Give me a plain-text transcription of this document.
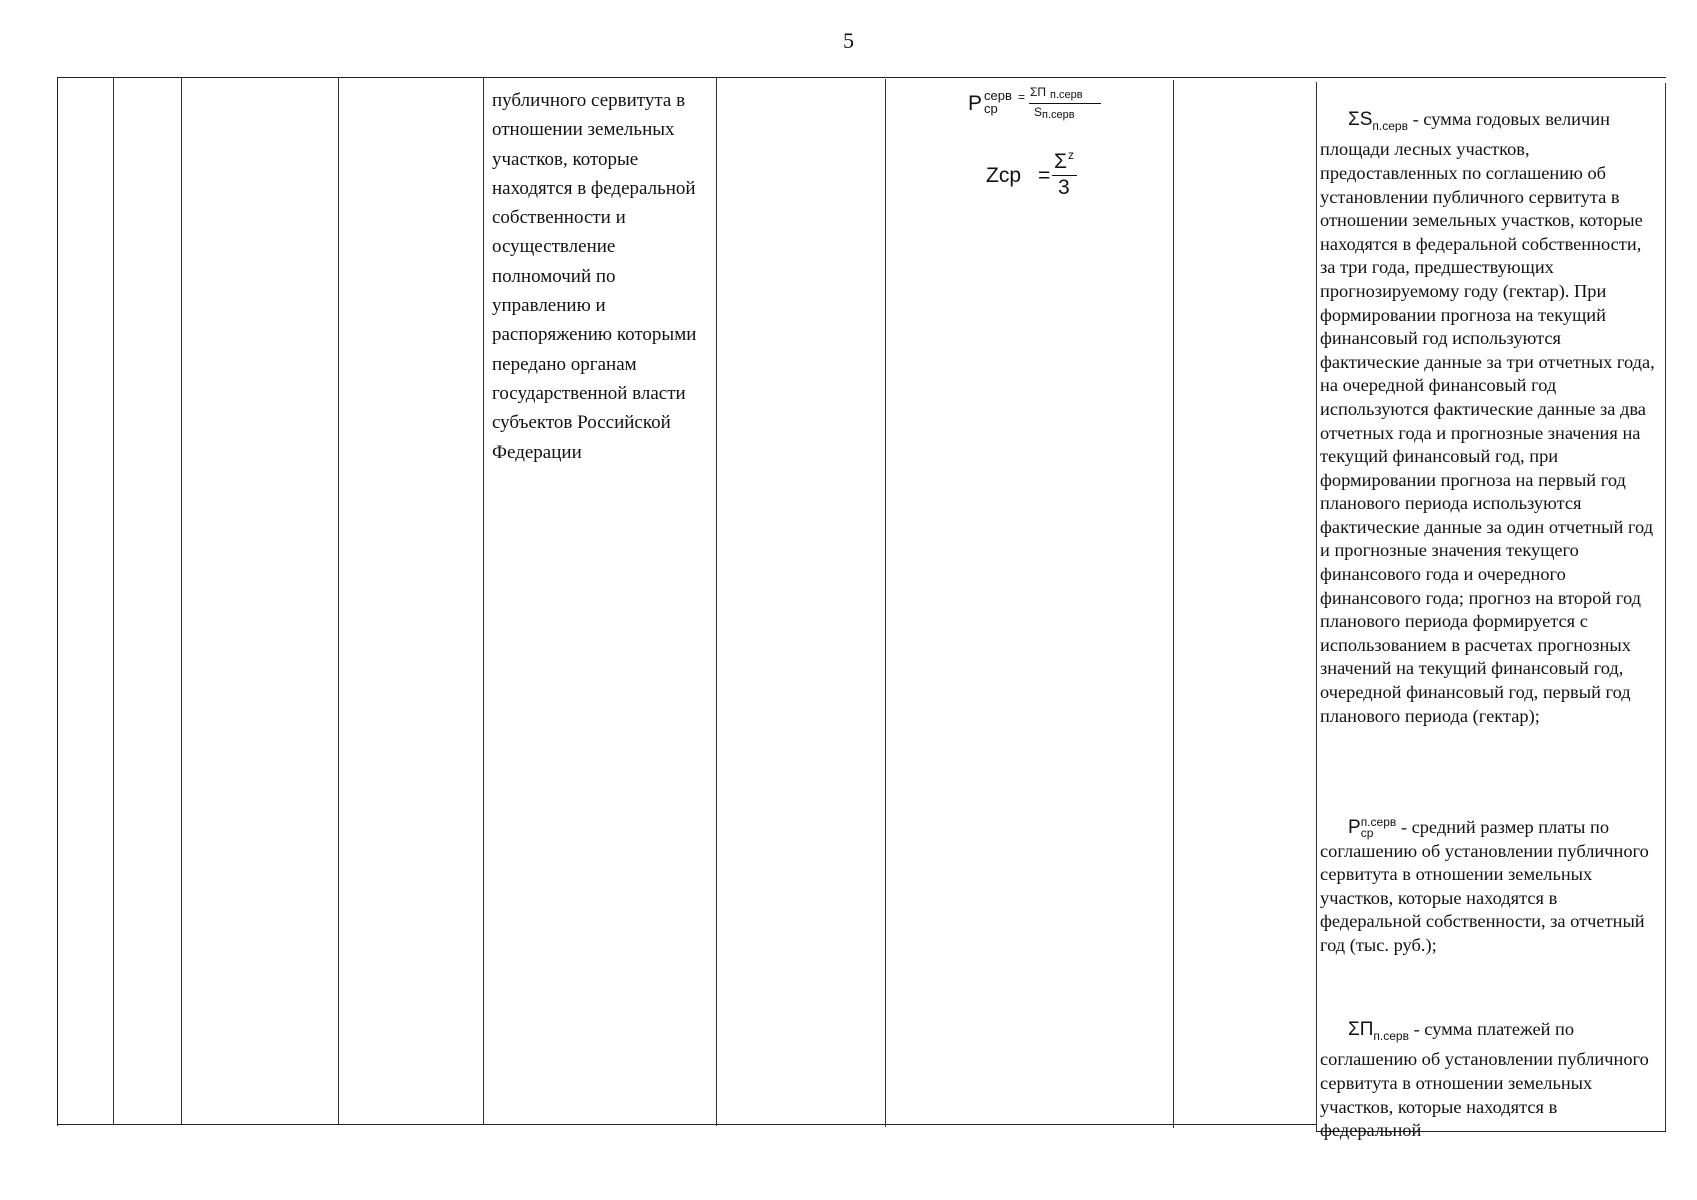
5
публичного сервитута в отношении земельных участков, которые находятся в федеральной собственности и осуществление полномочий по управлению и распоряжению которыми передано органам государственной власти субъектов Российской Федерации
P серв
ср
= ΣП п.серв
S п.серв
Zср =
Σ z
3

$\Sigma S_{п.серв}$ - сумма годовых величин площади лесных участков, предоставленных по соглашению об установлении публичного сервитута в отношении земельных участков, которые находятся в федеральной собственности, за три года, предшествующих прогнозируемому году (гектар). При формировании прогноза на текущий финансовый год используются фактические данные за три отчетных года, на очередной финансовый год используются фактические данные за два отчетных года и прогнозные значения на текущий финансовый год, при формировании прогноза на первый год планового периода используются фактические данные за один отчетный год и прогнозные значения текущего финансового года и очередного финансового года; прогноз на второй год планового периода формируется с использованием в расчетах прогнозных значений на текущий финансовый год, очередной финансовый год, первый год планового периода (гектар);

Pп.серв
ср - средний размер платы по соглашению об установлении публичного сервитута в отношении земельных участков, которые находятся в федеральной собственности, за отчетный год (тыс. руб.);

$\Sigma П_{п.серв}$ - сумма платежей по соглашению об установлении публичного сервитута в отношении земельных участков, которые находятся в федеральной
